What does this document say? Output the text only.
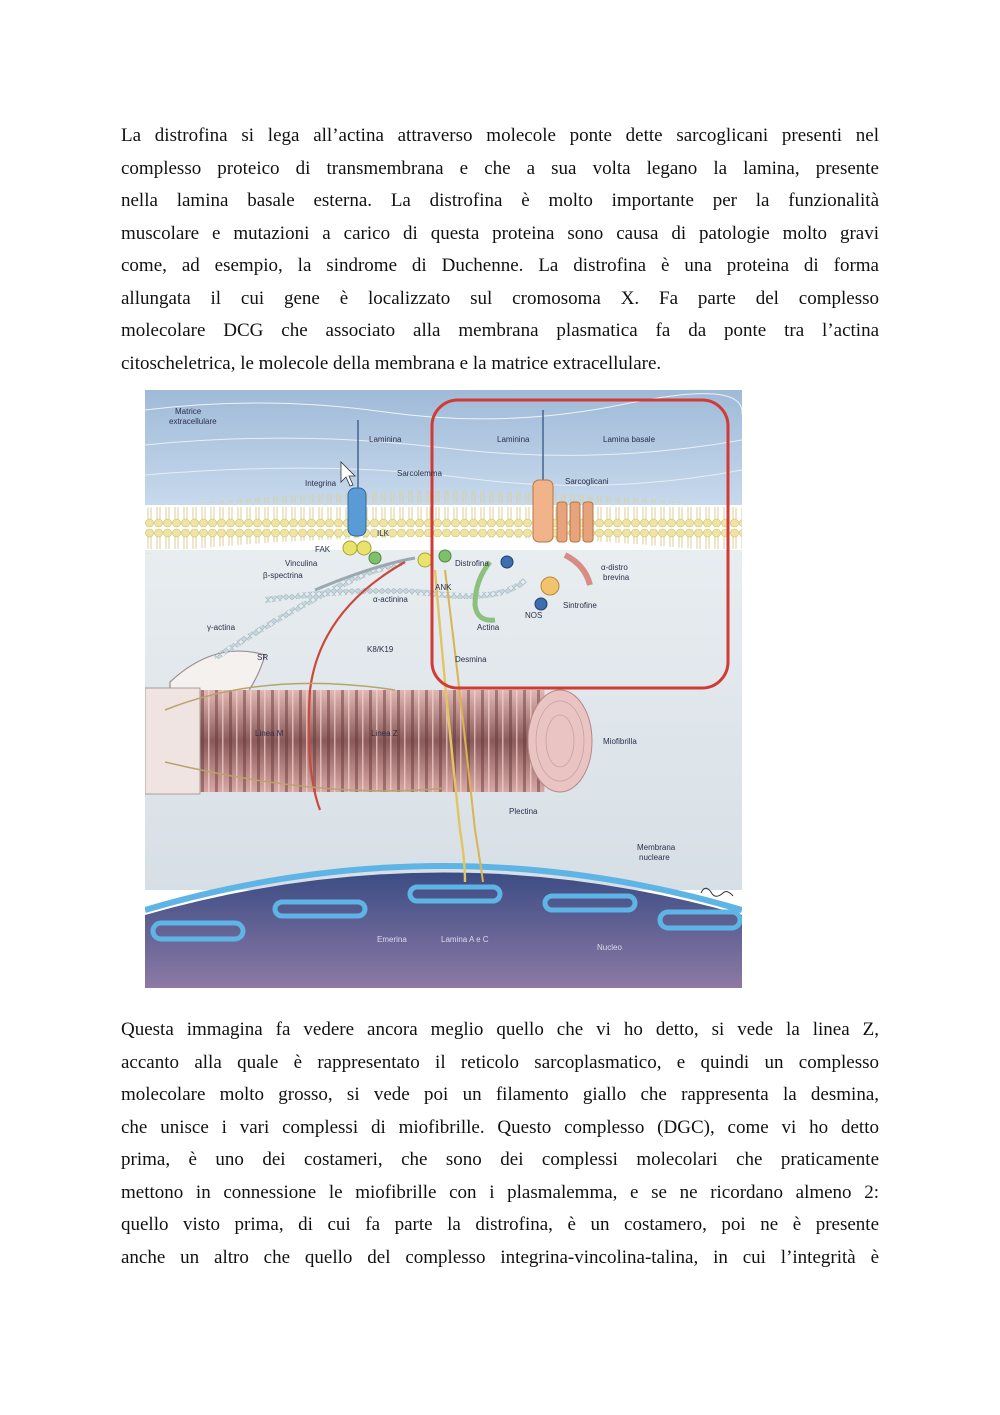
La distrofina si lega all’actina attraverso molecole ponte dette sarcoglicani presenti nel
complesso proteico di transmembrana e che a sua volta legano la lamina, presente
nella lamina basale esterna. La distrofina è molto importante per la funzionalità
muscolare e mutazioni a carico di questa proteina sono causa di patologie molto gravi
come, ad esempio, la sindrome di Duchenne. La distrofina è una proteina di forma
allungata il cui gene è localizzato sul cromosoma X. Fa parte del complesso
molecolare DCG che associato alla membrana plasmatica fa da ponte tra l’actina
citoscheletrica, le molecole della membrana e la matrice extracellulare.
Matrice
extracellulare
Laminina	Laminina	Lamina basale
Integrina
Sarcolemma
Sarcoglicani
FAK
ILK
Vinculina
β-spectrina
Distrofina
ANK
α-actinina
α-distro
brevina
Sintrofine
NOS
γ-actina	Actina
SR
K8/K19
Desmina
Linea M	Linea Z
Miofibrilla
Plectina
Membrana
nucleare
Emerina	Lamina A e C
Nucleo
Questa immagina fa vedere ancora meglio quello che vi ho detto, si vede la linea Z,
accanto alla quale è rappresentato il reticolo sarcoplasmatico, e quindi un complesso
molecolare molto grosso, si vede poi un filamento giallo che rappresenta la desmina,
che unisce i vari complessi di miofibrille. Questo complesso (DGC), come vi ho detto
prima, è uno dei costameri, che sono dei complessi molecolari che praticamente
mettono in connessione le miofibrille con i plasmalemma, e se ne ricordano almeno 2:
quello visto prima, di cui fa parte la distrofina, è un costamero, poi ne è presente
anche un altro che quello del complesso integrina-vincolina-talina, in cui l’integrità è
